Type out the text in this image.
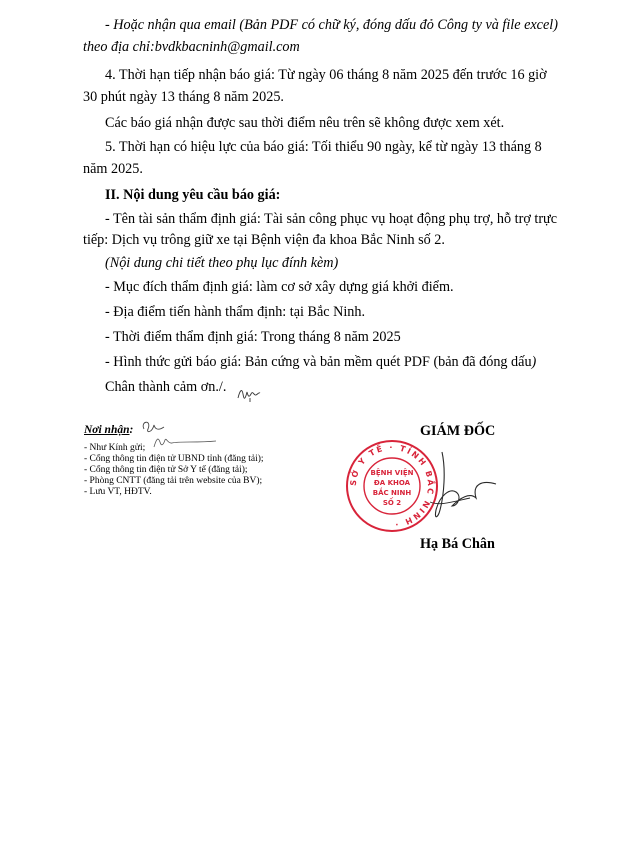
- Hoặc nhận qua email (Bản PDF có chữ ký, đóng dấu đỏ Công ty và file excel)
theo địa chỉ:bvdkbacninh@gmail.com
4. Thời hạn tiếp nhận báo giá: Từ ngày 06 tháng 8 năm 2025 đến trước 16 giờ
30 phút ngày 13 tháng 8 năm 2025.
Các báo giá nhận được sau thời điểm nêu trên sẽ không được xem xét.
5. Thời hạn có hiệu lực của báo giá: Tối thiểu 90 ngày, kể từ ngày 13 tháng 8
năm 2025.
II. Nội dung yêu cầu báo giá:
- Tên tài sản thẩm định giá: Tài sản công phục vụ hoạt động phụ trợ, hỗ trợ trực
tiếp: Dịch vụ trông giữ xe tại Bệnh viện đa khoa Bắc Ninh số 2.
(Nội dung chi tiết theo phụ lục đính kèm)
- Mục đích thẩm định giá: làm cơ sở xây dựng giá khởi điểm.
- Địa điểm tiến hành thẩm định: tại Bắc Ninh.
- Thời điểm thẩm định giá: Trong tháng 8 năm 2025
- Hình thức gửi báo giá: Bản cứng và bản mềm quét PDF (bản đã đóng dấu)
Chân thành cảm ơn./.
Nơi nhận:
- Như Kính gửi;
- Cổng thông tin điện tử UBND tỉnh (đăng tải);
- Cổng thông tin điện tử Sở Y tế (đăng tải);
- Phòng CNTT (đăng tải trên website của BV);
- Lưu VT, HĐTV.
GIÁM ĐỐC
SỞ Y TẾ · TỈNH BẮC NINH ·
BỆNH VIỆN
ĐA KHOA
BẮC NINH
SỐ 2
Hạ Bá Chân
